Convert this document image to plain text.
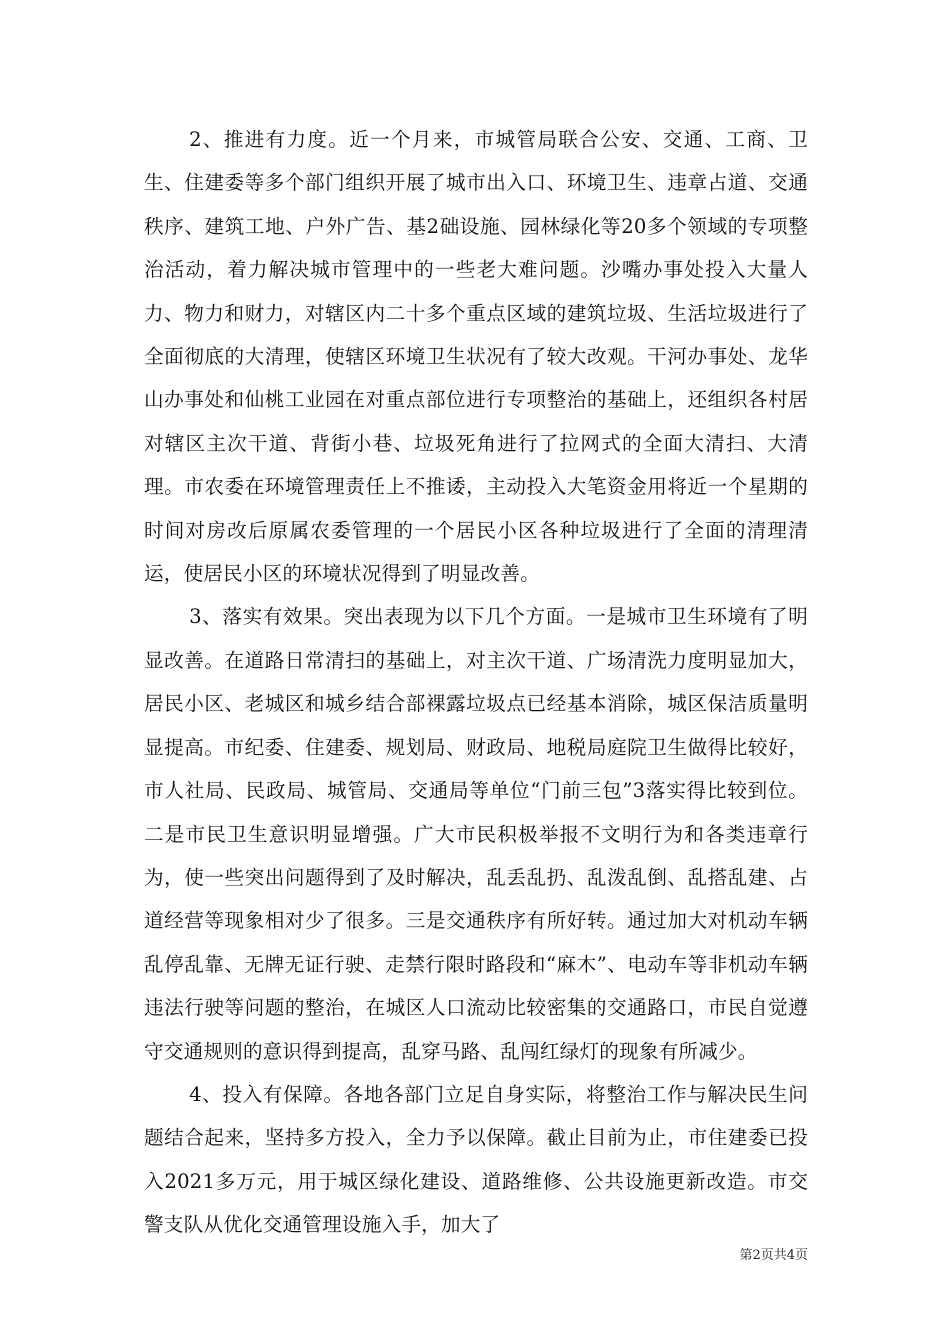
2、推进有力度。近一个月来，市城管局联合公安、交通、工商、卫生、住建委等多个部门组织开展了城市出入口、环境卫生、违章占道、交通秩序、建筑工地、户外广告、基2础设施、园林绿化等20多个领域的专项整治活动，着力解决城市管理中的一些老大难问题。沙嘴办事处投入大量人力、物力和财力，对辖区内二十多个重点区域的建筑垃圾、生活垃圾进行了全面彻底的大清理，使辖区环境卫生状况有了较大改观。干河办事处、龙华山办事处和仙桃工业园在对重点部位进行专项整治的基础上，还组织各村居对辖区主次干道、背街小巷、垃圾死角进行了拉网式的全面大清扫、大清理。市农委在环境管理责任上不推诿，主动投入大笔资金用将近一个星期的时间对房改后原属农委管理的一个居民小区各种垃圾进行了全面的清理清运，使居民小区的环境状况得到了明显改善。

3、落实有效果。突出表现为以下几个方面。一是城市卫生环境有了明显改善。在道路日常清扫的基础上，对主次干道、广场清洗力度明显加大，居民小区、老城区和城乡结合部裸露垃圾点已经基本消除，城区保洁质量明显提高。市纪委、住建委、规划局、财政局、地税局庭院卫生做得比较好，市人社局、民政局、城管局、交通局等单位“门前三包”3落实得比较到位。二是市民卫生意识明显增强。广大市民积极举报不文明行为和各类违章行为，使一些突出问题得到了及时解决，乱丢乱扔、乱泼乱倒、乱搭乱建、占道经营等现象相对少了很多。三是交通秩序有所好转。通过加大对机动车辆乱停乱靠、无牌无证行驶、走禁行限时路段和“麻木”、电动车等非机动车辆违法行驶等问题的整治，在城区人口流动比较密集的交通路口，市民自觉遵守交通规则的意识得到提高，乱穿马路、乱闯红绿灯的现象有所减少。

4、投入有保障。各地各部门立足自身实际，将整治工作与解决民生问题结合起来，坚持多方投入，全力予以保障。截止目前为止，市住建委已投入2021多万元，用于城区绿化建设、道路维修、公共设施更新改造。市交警支队从优化交通管理设施入手，加大了

第2页共4页
